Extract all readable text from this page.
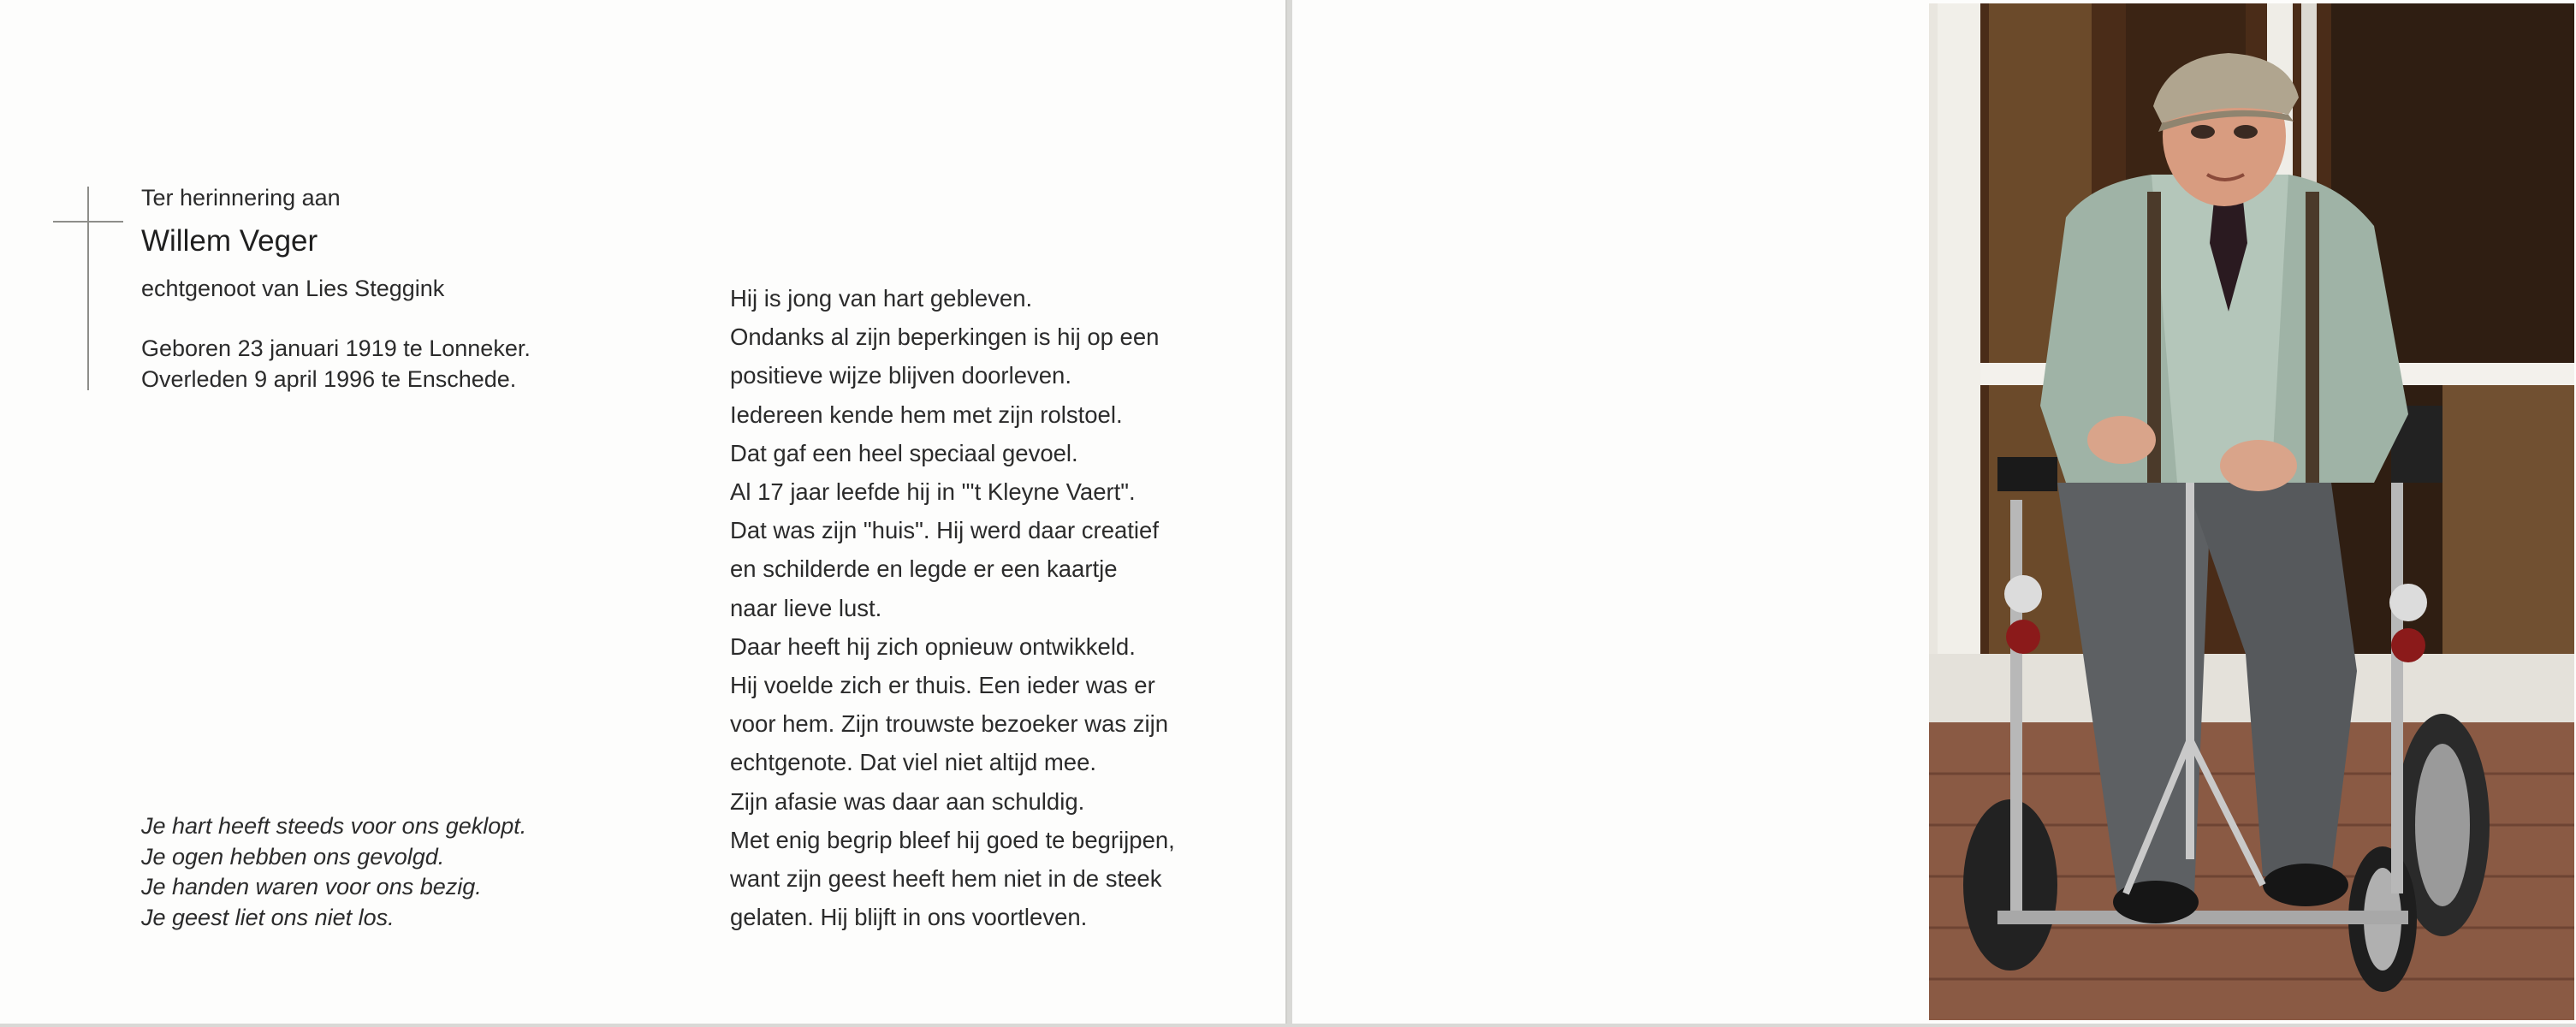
Ter herinnering aan
Willem Veger
echtgenoot van Lies Steggink
Geboren 23 januari 1919 te Lonneker.
Overleden 9 april 1996 te Enschede.
Je hart heeft steeds voor ons geklopt.
Je ogen hebben ons gevolgd.
Je handen waren voor ons bezig.
Je geest liet ons niet los.
Hij is jong van hart gebleven.
Ondanks al zijn beperkingen is hij op een
positieve wijze blijven doorleven.
Iedereen kende hem met zijn rolstoel.
Dat gaf een heel speciaal gevoel.
Al 17 jaar leefde hij in "'t Kleyne Vaert".
Dat was zijn "huis". Hij werd daar creatief
en schilderde en legde er een kaartje
naar lieve lust.
Daar heeft hij zich opnieuw ontwikkeld.
Hij voelde zich er thuis. Een ieder was er
voor hem. Zijn trouwste bezoeker was zijn
echtgenote. Dat viel niet altijd mee.
Zijn afasie was daar aan schuldig.
Met enig begrip bleef hij goed te begrijpen,
want zijn geest heeft hem niet in de steek
gelaten. Hij blijft in ons voortleven.
